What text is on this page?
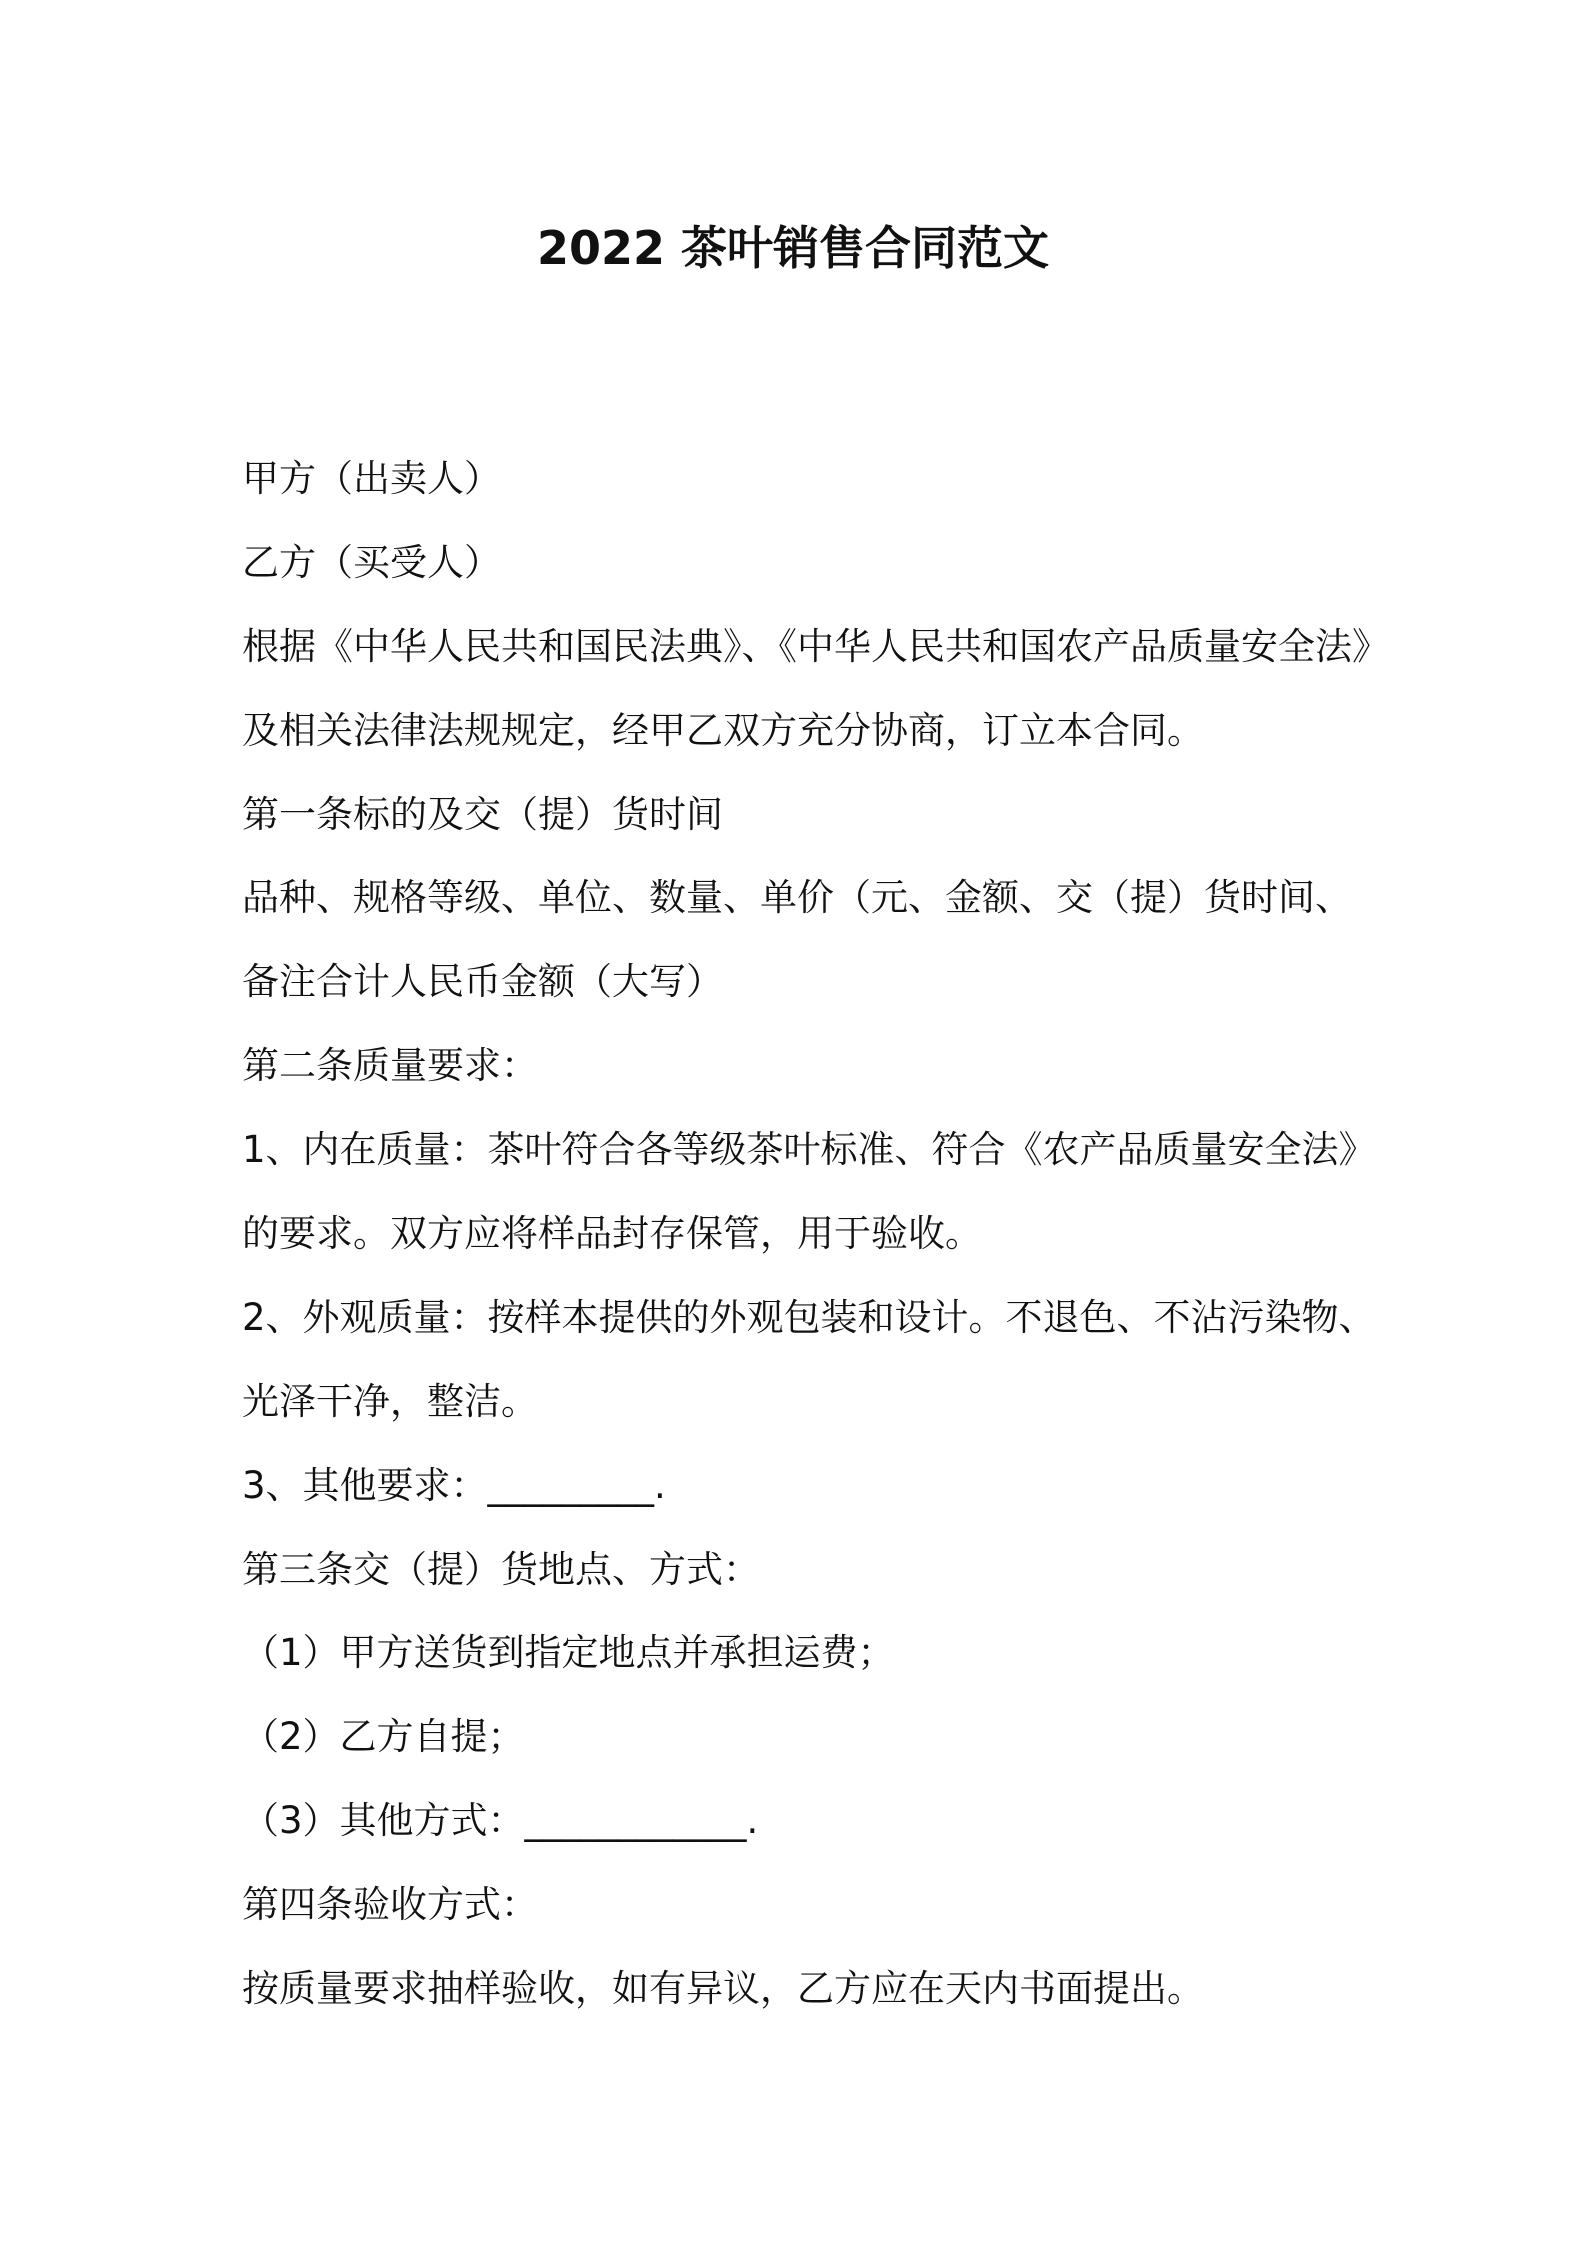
2022 茶叶销售合同范文
甲方（出卖人）
乙方（买受人）
根据《中华人民共和国民法典》、《中华人民共和国农产品质量安全法》
及相关法律法规规定，经甲乙双方充分协商，订立本合同。
第一条标的及交（提）货时间
品种、规格等级、单位、数量、单价（元、金额、交（提）货时间、
备注合计人民币金额（大写）
第二条质量要求：
1、内在质量：茶叶符合各等级茶叶标准、符合《农产品质量安全法》
的要求。双方应将样品封存保管，用于验收。
2、外观质量：按样本提供的外观包装和设计。不退色、不沾污染物、
光泽干净，整洁。
3、其他要求：_________.
第三条交（提）货地点、方式：
（1）甲方送货到指定地点并承担运费；
（2）乙方自提；
（3）其他方式：____________.
第四条验收方式：
按质量要求抽样验收，如有异议，乙方应在天内书面提出。
